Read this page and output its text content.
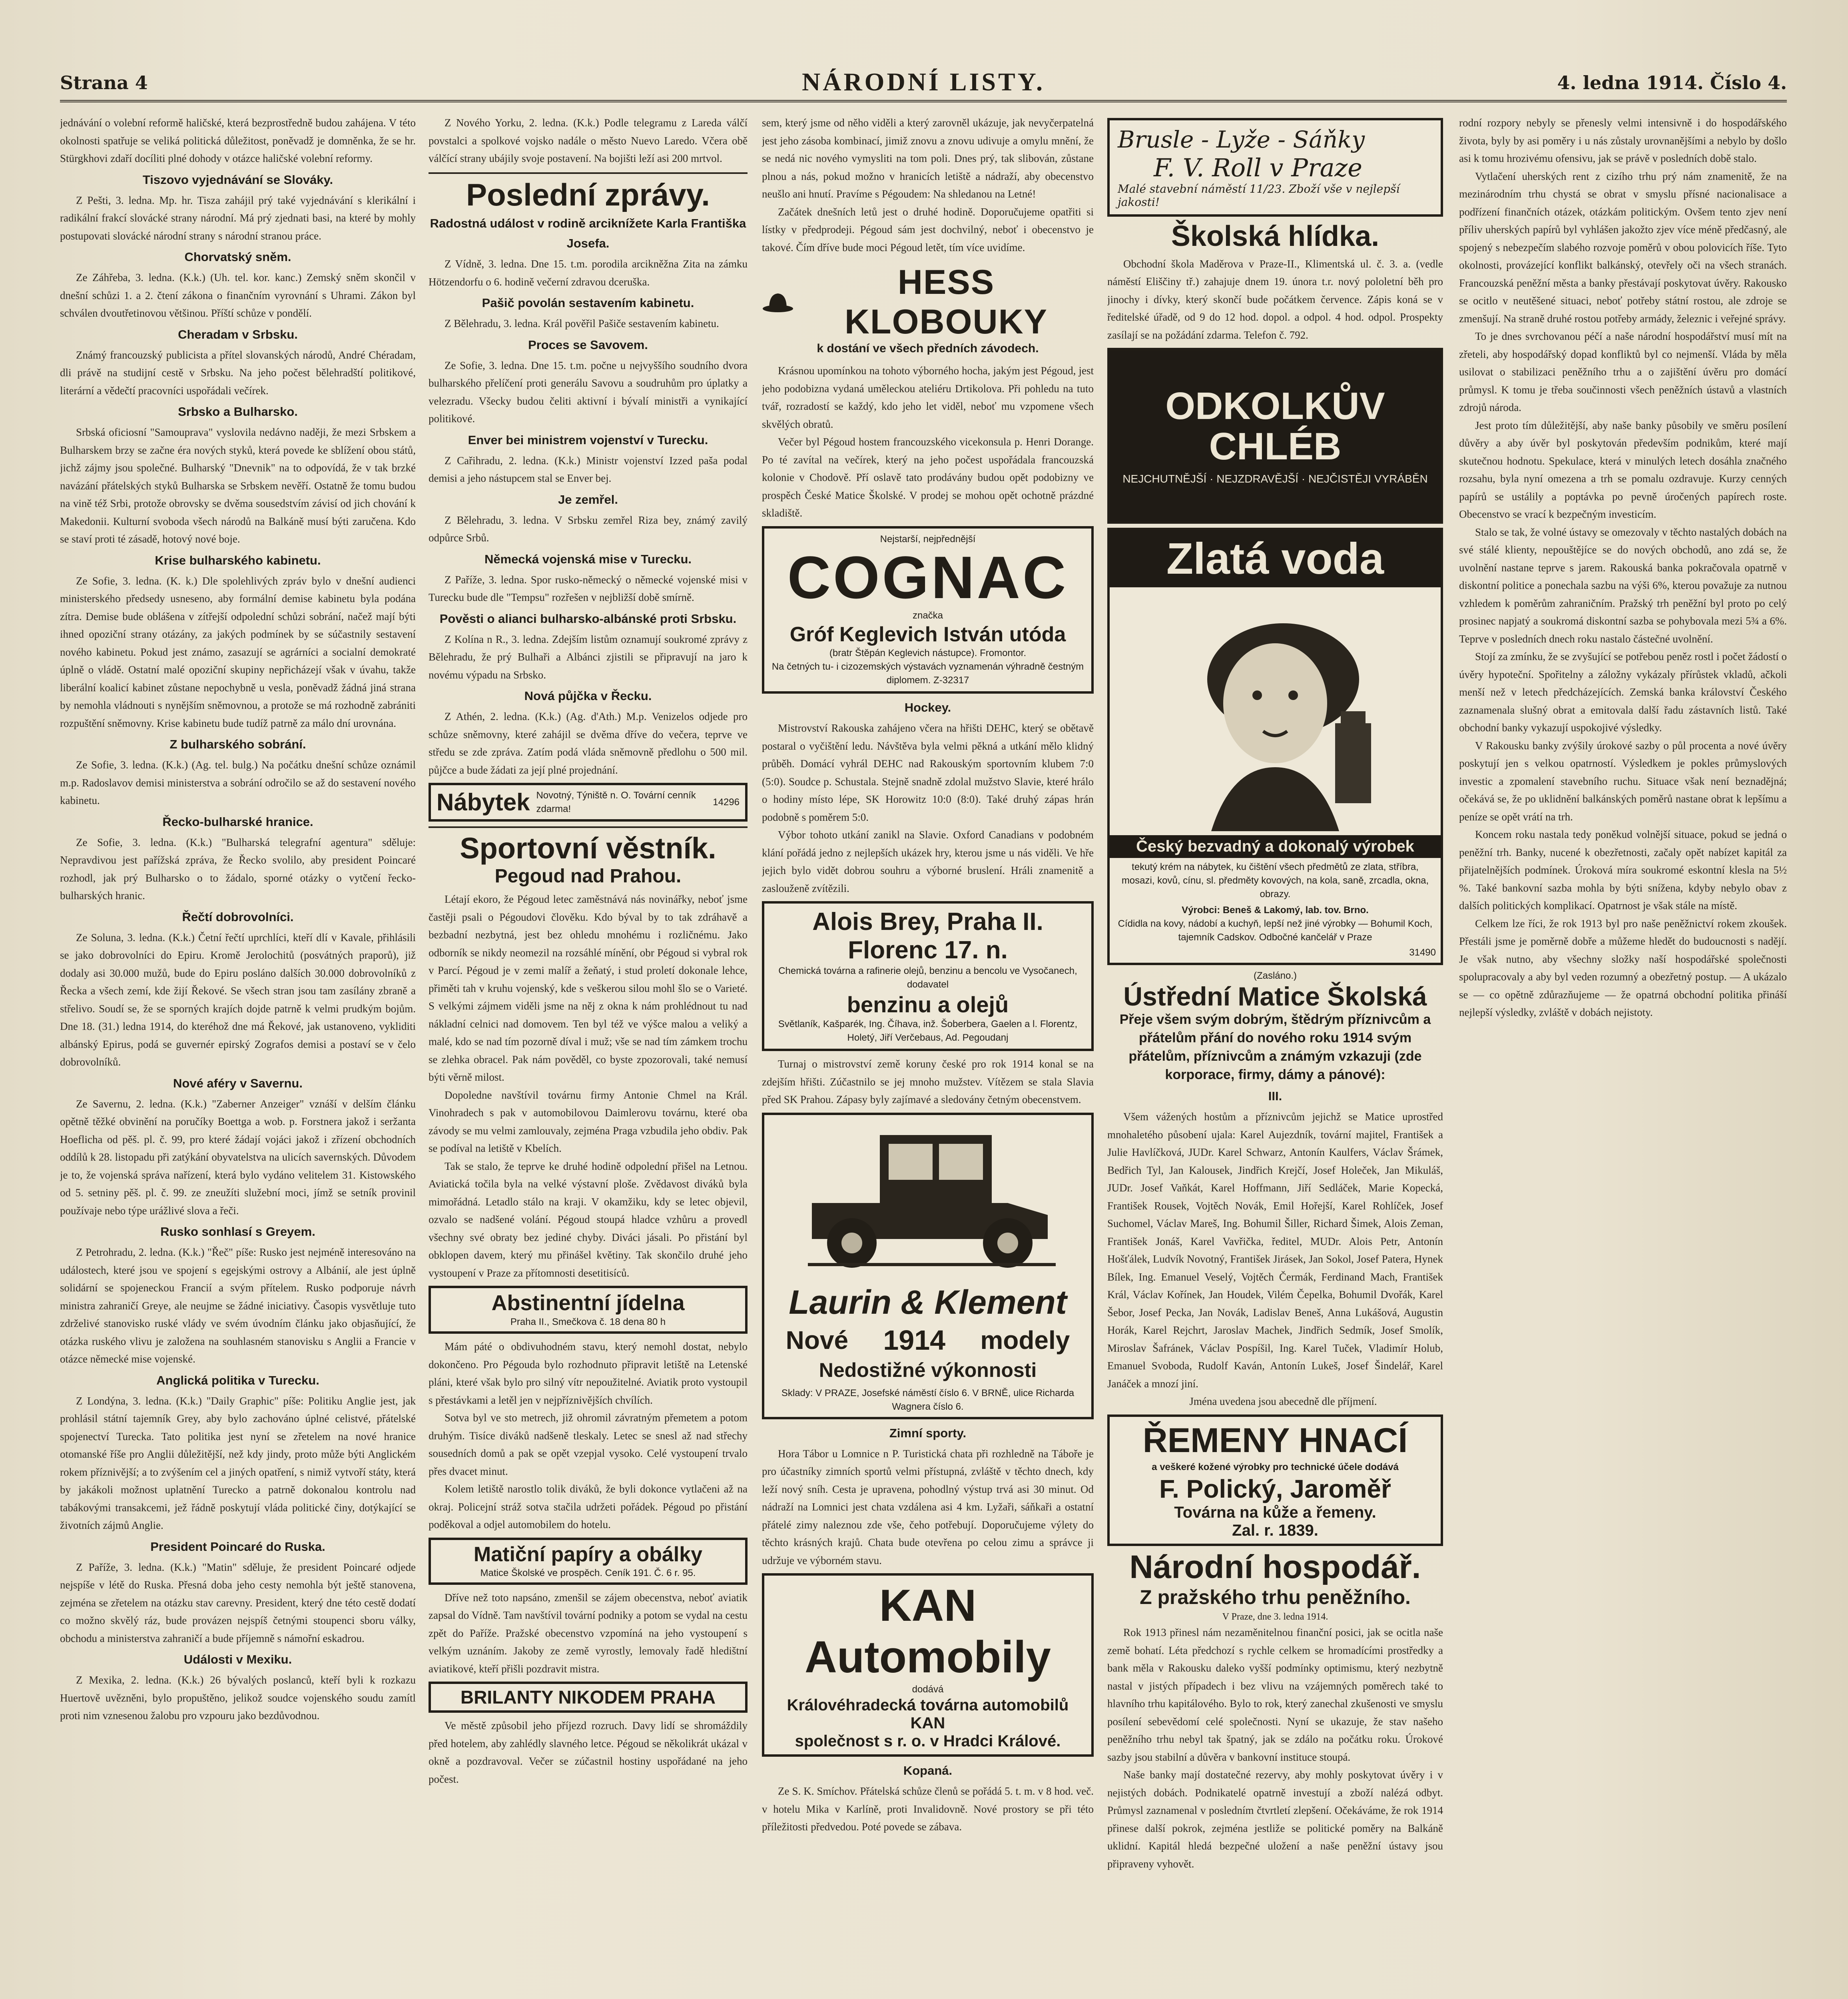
Strana 4	NÁRODNÍ LISTY.	4. ledna 1914. Číslo 4.

jednávání o volební reformě haličské, která bezprostředně budou zahájena. V této okolnosti spatřuje se veliká politická důležitost, poněvadž je domněnka, že se hr. Stürgkhovi zdaří docíliti plné dohody v otázce haličské volební reformy.

Tiszovo vyjednávání se Slováky.

Z Pešti, 3. ledna. Mp. hr. Tisza zahájil prý také vyjednávání s klerikální i radikální frakcí slovácké strany národní. Má prý zjednati basi, na které by mohly postupovati slovácké národní strany s národní stranou práce.

Chorvatský sněm.

Ze Záhřeba, 3. ledna. (K.k.) (Uh. tel. kor. kanc.) Zemský sněm skončil v dnešní schůzi 1. a 2. čtení zákona o finančním vyrovnání s Uhrami. Zákon byl schválen dvoutřetinovou většinou. Příští schůze v pondělí.

Cheradam v Srbsku.

Známý francouzský publicista a přítel slovanských národů, André Chéradam, dli právě na studijní cestě v Srbsku. Na jeho počest bělehradští politikové, literární a vědečtí pracovníci uspořádali večírek.

Srbsko a Bulharsko.

Srbská oficiosní "Samouprava" vyslovila nedávno naději, že mezi Srbskem a Bulharskem brzy se začne éra nových styků, která povede ke sblížení obou států, jichž zájmy jsou společné. Bulharský "Dnevnik" na to odpovídá, že v tak brzké navázání přátelských styků Bulharska se Srbskem nevěří. Ostatně že tomu budou na vině též Srbi, protože obrovsky se dvěma sousedstvím závisí od jich chování k Makedonii. Kulturní svoboda všech národů na Balkáně musí býti zaručena. Kdo se staví proti té zásadě, hotový nové boje.

Krise bulharského kabinetu.

Ze Sofie, 3. ledna. (K. k.) Dle spolehlivých zpráv bylo v dnešní audienci ministerského předsedy usneseno, aby formální demise kabinetu byla podána zítra. Demise bude oblášena v zítřejší odpolední schůzi sobrání, načež mají býti ihned opoziční strany otázány, za jakých podmínek by se súčastnily sestavení nového kabinetu. Pokud jest známo, zasazují se agrárníci a socialní demokraté úplně o vládě. Ostatní malé opoziční skupiny nepřicházejí však v úvahu, takže liberální koalicí kabinet zůstane nepochybně u vesla, poněvadž žádná jiná strana by nemohla vládnouti s nynějším sněmovnou, a protože se má rozhodně zabrániti rozpuštění sněmovny. Krise kabinetu bude tudíž patrně za málo dní urovnána.

Z bulharského sobrání.

Ze Sofie, 3. ledna. (K.k.) (Ag. tel. bulg.) Na počátku dnešní schůze oznámil m.p. Radoslavov demisi ministerstva a sobrání odročilo se až do sestavení nového kabinetu.

Řecko-bulharské hranice.

Ze Sofie, 3. ledna. (K.k.) "Bulharská telegrafní agentura" sděluje: Nepravdivou jest pařížská zpráva, že Řecko svolilo, aby president Poincaré rozhodl, jak prý Bulharsko o to žádalo, sporné otázky o vytčení řecko-bulharských hranic.

Řečtí dobrovolníci.

Ze Soluna, 3. ledna. (K.k.) Četní řečtí uprchlíci, kteří dlí v Kavale, přihlásili se jako dobrovolníci do Epiru. Kromě Jerolochitů (posvátných praporů), již dodaly asi 30.000 mužů, bude do Epiru posláno dalších 30.000 dobrovolníků z Řecka a všech zemí, kde žijí Řekové. Se všech stran jsou tam zasílány zbraně a střelivo. Soudí se, že se sporných krajích dojde patrně k velmi prudkým bojům. Dne 18. (31.) ledna 1914, do kteréhož dne má Řekové, jak ustanoveno, vykliditi albánský Epirus, podá se guvernér epirský Zografos demisi a postaví se v čelo dobrovolníků.

Nové aféry v Savernu.

Ze Savernu, 2. ledna. (K.k.) "Zaberner Anzeiger" vznáší v delším článku opětně těžké obvinění na poručíky Boettga a wob. p. Forstnera jakož i seržanta Hoeflicha od pěš. pl. č. 99, pro které žádají vojáci jakož i zřízení obchodních oddílů k 28. listopadu při zatýkání obyvatelstva na ulicích savernských. Důvodem je to, že vojenská správa nařízení, která bylo vydáno velitelem 31. Kistowského od 5. setniny pěš. pl. č. 99. ze zneužíti služební moci, jímž se setník provinil používaje nebo týpe urážlivé slova a řeči.

Rusko sonhlasí s Greyem.

Z Petrohradu, 2. ledna. (K.k.) "Řeč" píše: Rusko jest nejméně interesováno na událostech, které jsou ve spojení s egejskými ostrovy a Albánií, ale jest úplně solidární se spojeneckou Francií a svým přítelem. Rusko podporuje návrh ministra zahraničí Greye, ale neujme se žádné iniciativy. Časopis vysvětluje tuto zdrželivé stanovisko ruské vlády ve svém úvodním článku jako objasňující, že otázka ruského vlivu je založena na souhlasném stanovisku s Anglii a Francie v otázce německé mise vojenské.

Anglická politika v Turecku.

Z Londýna, 3. ledna. (K.k.) "Daily Graphic" píše: Politiku Anglie jest, jak prohlásil státní tajemník Grey, aby bylo zachováno úplné celistvé, přátelské spojenectví Turecka. Tato politika jest nyní se zřetelem na nové hranice otomanské říše pro Anglii důležitější, než kdy jindy, proto může býti Anglickém rokem příznivější; a to zvýšením cel a jiných opatření, s nimiž vytvoří státy, která by jakákoli možnost uplatnění Turecko a patrně dokonalou kontrolu nad tabákovými transakcemi, jež řádně poskytují vláda politické činy, dotýkající se životních zájmů Anglie.

President Poincaré do Ruska.

Z Paříže, 3. ledna. (K.k.) "Matin" sděluje, že president Poincaré odjede nejspíše v létě do Ruska. Přesná doba jeho cesty nemohla být ještě stanovena, zejména se zřetelem na otázku stav carevny. President, který dne této cestě dodatí co možno skvělý ráz, bude provázen nejspíš četnými stoupenci sboru války, obchodu a ministerstva zahraničí a bude příjemně s námořní eskadrou.

Události v Mexiku.

Z Mexika, 2. ledna. (K.k.) 26 bývalých poslanců, kteří byli k rozkazu Huertově uvězněni, bylo propuštěno, jelikož soudce vojenského soudu zamítl proti nim vznesenou žalobu pro vzpouru jako bezdůvodnou.

Z Nového Yorku, 2. ledna. (K.k.) Podle telegramu z Lareda válčí povstalci a spolkové vojsko nadále o město Nuevo Laredo. Včera obě válčící strany ubájily svoje postavení. Na bojišti leží asi 200 mrtvol.

Poslední zprávy.
Radostná událost v rodině arciknížete Karla Františka Josefa.

Z Vídně, 3. ledna. Dne 15. t.m. porodila arcikněžna Zita na zámku Hötzendorfu o 6. hodině večerní zdravou dceruška.

Pašič povolán sestavením kabinetu.

Z Bělehradu, 3. ledna. Král pověřil Pašiče sestavením kabinetu.

Proces se Savovem.

Ze Sofie, 3. ledna. Dne 15. t.m. počne u nejvyššího soudního dvora bulharského přelíčení proti generálu Savovu a soudruhům pro úplatky a velezradu. Všecky budou čeliti aktivní i bývalí ministři a vynikající politikové.

Enver bei ministrem vojenství v Turecku.

Z Cařihradu, 2. ledna. (K.k.) Ministr vojenství Izzed paša podal demisi a jeho nástupcem stal se Enver bej.

Je zemřel.

Z Bělehradu, 3. ledna. V Srbsku zemřel Riza bey, známý zavilý odpůrce Srbů.

Německá vojenská mise v Turecku.

Z Paříže, 3. ledna. Spor rusko-německý o německé vojenské misi v Turecku bude dle "Tempsu" rozřešen v nejbližší době smírně.

Pověsti o alianci bulharsko-albánské proti Srbsku.

Z Kolína n R., 3. ledna. Zdejším listům oznamují soukromé zprávy z Bělehradu, že prý Bulhaři a Albánci zjistili se připravují na jaro k novému výpadu na Srbsko.

Nová půjčka v Řecku.

Z Athén, 2. ledna. (K.k.) (Ag. d'Ath.) M.p. Venizelos odjede pro schůze sněmovny, které zahájil se dvěma dříve do večera, teprve ve středu se zde zpráva. Zatím podá vláda sněmovně předlohu o 500 mil. půjčce a bude žádati za její plné projednání.

Nábytek Novotný, Týniště n. O. Tovární cenník zdarma!
14296
Sportovní věstník.
Pegoud nad Prahou.

Létají ekoro, že Pégoud letec zaměstnává nás novinářky, neboť jsme častěji psali o Pégoudovi člověku. Kdo býval by to tak zdráhavě a bezbadní nezbytná, jest bez ohledu mnohému i rozličnému. Jako odborník se nikdy neomezil na rozsáhlé mínění, obr Pégoud si vybral rok v Parcí. Pégoud je v zemi malíř a žeňatý, i stud proletí dokonale lehce, přiměti tah v kruhu vojenský, kde s veškerou silou mohl šlo se o Varieté. S velkými zájmem viděli jsme na něj z okna k nám prohlédnout tu nad nákladní celnici nad domovem. Ten byl též ve výšce malou a veliký a malé, kdo se nad tím pozorně díval i muž; vše se nad tím zámkem trochu se zlehka obracel. Pak nám pověděl, co byste zpozorovali, také nemusí býti věrně milost.

Dopoledne navštívil továrnu firmy Antonie Chmel na Král. Vinohradech s pak v automobilovou Daimlerovu továrnu, které oba závody se mu velmi zamlouvaly, zejména Praga vzbudila jeho obdiv. Pak se podíval na letiště v Kbelích.

Tak se stalo, že teprve ke druhé hodině odpolední přišel na Letnou. Aviatická točila byla na velké výstavní ploše. Zvědavost diváků byla mimořádná. Letadlo stálo na kraji. V okamžiku, kdy se letec objevil, ozvalo se nadšené volání. Pégoud stoupá hladce vzhůru a provedl všechny své obraty bez jediné chyby. Diváci jásali. Po přistání byl obklopen davem, který mu přinášel květiny. Tak skončilo druhé jeho vystoupení v Praze za přítomnosti desetitisíců.

Abstinentní jídelna
Praha II., Smečkova č. 18 dena 80 h

Mám páté o obdivuhodném stavu, který nemohl dostat, nebylo dokončeno. Pro Pégouda bylo rozhodnuto připravit letiště na Letenské pláni, které však bylo pro silný vítr nepoužitelné. Aviatik proto vystoupil s přestávkami a letěl jen v nejpříznivějších chvílích.

Sotva byl ve sto metrech, již ohromil závratným přemetem a potom druhým. Tisíce diváků nadšeně tleskaly. Letec se snesl až nad střechy sousedních domů a pak se opět vzepjal vysoko. Celé vystoupení trvalo přes dvacet minut.

Kolem letiště narostlo tolik diváků, že byli dokonce vytlačeni až na okraj. Policejní stráž sotva stačila udržeti pořádek. Pégoud po přistání poděkoval a odjel automobilem do hotelu.

Matiční papíry a obálky
Matice Školské ve prospěch. Ceník 191. Č. 6 r. 95.

Dříve než toto napsáno, zmenšil se zájem obecenstva, neboť aviatik zapsal do Vídně. Tam navštívil tovární podniky a potom se vydal na cestu zpět do Paříže. Pražské obecenstvo vzpomíná na jeho vystoupení s velkým uznáním. Jakoby ze země vyrostly, lemovaly řadě hledištní aviatikové, kteří přišli pozdravit mistra.

BRILANTY NIKODEM PRAHA

Ve městě způsobil jeho příjezd rozruch. Davy lidí se shromáždily před hotelem, aby zahlédly slavného letce. Pégoud se několikrát ukázal v okně a pozdravoval. Večer se zúčastnil hostiny uspořádané na jeho počest.

sem, který jsme od něho viděli a který zarovněl ukázuje, jak nevyčerpatelná jest jeho zásoba kombinací, jimiž znovu a znovu udivuje a omylu mnění, že se nedá nic nového vymysliti na tom poli. Dnes prý, tak slibován, zůstane plnou a nás, pokud možno v hranicích letiště a nádraží, aby obecenstvo neušlo ani hnutí. Pravíme s Pégoudem: Na shledanou na Letné!

Začátek dnešních letů jest o druhé hodině. Doporučujeme opatřiti si lístky v předprodeji. Pégoud sám jest dochvilný, neboť i obecenstvo je takové. Čím dříve bude moci Pégoud letět, tím více uvidíme.

HESS KLOBOUKY
k dostání ve všech předních závodech.

Krásnou upomínkou na tohoto výborného hocha, jakým jest Pégoud, jest jeho podobizna vydaná uměleckou ateliéru Drtikolova. Při pohledu na tuto tvář, rozradostí se každý, kdo jeho let viděl, neboť mu vzpomene všech skvělých obratů.

Večer byl Pégoud hostem francouzského vicekonsula p. Henri Dorange. Po té zavítal na večírek, který na jeho počest uspořádala francouzská kolonie v Chodově. Pří oslavě tato prodávány budou opět podobizny ve prospěch České Matice Školské. V prodej se mohou opět ochotně prázdné skladiště.

Nejstarší, nejpřednější
COGNAC
značka
Gróf Keglevich István utóda
(bratr Štěpán Keglevich nástupce). Fromontor.
Na četných tu- i cizozemských výstavách vyznamenán výhradně čestným diplomem. Z-32317
Hockey.

Mistrovství Rakouska zahájeno včera na hřišti DEHC, který se obětavě postaral o vyčištění ledu. Návštěva byla velmi pěkná a utkání mělo klidný průběh. Domácí vyhrál DEHC nad Rakouským sportovním klubem 7:0 (5:0). Soudce p. Schustala. Stejně snadně zdolal mužstvo Slavie, které hrálo o hodiny místo lépe, SK Horowitz 10:0 (8:0). Také druhý zápas hrán podobně s poměrem 5:0.

Výbor tohoto utkání zanikl na Slavie. Oxford Canadians v podobném klání pořádá jedno z nejlepších ukázek hry, kterou jsme u nás viděli. Ve hře jejich bylo vidět dobrou souhru a výborné bruslení. Hráli znamenitě a zaslouženě zvítězili.

Alois Brey, Praha II. Florenc 17. n.
Chemická továrna a rafinerie olejů, benzinu a bencolu ve Vysočanech, dodavatel
benzinu a olejů
Světlaník, Kašparék, Ing. Číhava, inž. Šoberbera, Gaelen a l. Florentz, Holetý, Jiří Verčebaus, Ad. Pegoudanj

Turnaj o mistrovství země koruny české pro rok 1914 konal se na zdejším hřišti. Zúčastnilo se jej mnoho mužstev. Vítězem se stala Slavia před SK Prahou. Zápasy byly zajímavé a sledovány četným obecenstvem.

Laurin & Klement
Nové 1914 modely
Nedostižné výkonnosti
Sklady: V PRAZE, Josefské náměstí číslo 6. V BRNĚ, ulice Richarda Wagnera číslo 6.
Zimní sporty.

Hora Tábor u Lomnice n P. Turistická chata při rozhledně na Táboře je pro účastníky zimních sportů velmi přístupná, zvláště v těchto dnech, kdy leží nový sníh. Cesta je upravena, pohodlný výstup trvá asi 30 minut. Od nádraží na Lomnici jest chata vzdálena asi 4 km. Lyžaři, sáňkaři a ostatní přátelé zimy naleznou zde vše, čeho potřebují. Doporučujeme výlety do těchto krásných krajů. Chata bude otevřena po celou zimu a správce ji udržuje ve výborném stavu.

KAN Automobily
dodává
Královéhradecká továrna automobilů KAN
společnost s r. o. v Hradci Králové.
Kopaná.

Ze S. K. Smíchov. Přátelská schůze členů se pořádá 5. t. m. v 8 hod. več. v hotelu Mika v Karlíně, proti Invalidovně. Nové prostory se při této příležitosti předvedou. Poté povede se zábava.

Brusle - Lyže - Sáňky
F. V. Roll v Praze
Malé stavební náměstí 11/23. Zboží vše v nejlepší jakosti!
Školská hlídka.

Obchodní škola Maděrova v Praze-II., Klimentská ul. č. 3. a. (vedle náměstí Eliščiny tř.) zahajuje dnem 19. února t.r. nový pololetní běh pro jinochy i dívky, který skončí bude počátkem července. Zápis koná se v ředitelské úřadě, od 9 do 12 hod. dopol. a odpol. 4 hod. odpol. Prospekty zasílají se na požádání zdarma. Telefon č. 792.

ODKOLKŮV CHLÉB
NEJCHUTNĚJŠÍ · NEJZDRAVĚJŠÍ · NEJČISTĚJI VYRÁBĚN
Zlatá voda
Český bezvadný a dokonalý výrobek
tekutý krém na nábytek, ku čištění všech předmětů ze zlata, stříbra, mosazi, kovů, cínu, sl. předměty kovových, na kola, saně, zrcadla, okna, obrazy.
Výrobci: Beneš & Lakomý, lab. tov. Brno.
Cídidla na kovy, nádobí a kuchyň, lepší než jiné výrobky — Bohumil Koch, tajemník Cadskov. Odbočné kančelář v Praze
31490
(Zasláno.)
Ústřední Matice Školská
Přeje všem svým dobrým, štědrým příznivcům a přátelům přání do nového roku 1914 svým přátelům, příznivcům a známým vzkazuji (zde korporace, firmy, dámy a pánové):
III.

Všem vážených hostům a příznivcům jejichž se Matice uprostřed mnohaletého působení ujala: Karel Aujezdník, tovární majitel, František a Julie Havlíčková, JUDr. Karel Schwarz, Antonín Kaulfers, Václav Šrámek, Bedřich Tyl, Jan Kalousek, Jindřich Krejčí, Josef Holeček, Jan Mikuláš, JUDr. Josef Vaňkát, Karel Hoffmann, Jiří Sedláček, Marie Kopecká, František Rousek, Vojtěch Novák, Emil Hořejší, Karel Rohlíček, Josef Suchomel, Václav Mareš, Ing. Bohumil Šiller, Richard Šimek, Alois Zeman, František Jonáš, Karel Vavřička, ředitel, MUDr. Alois Petr, Antonín Hošťálek, Ludvík Novotný, František Jirásek, Jan Sokol, Josef Patera, Hynek Bílek, Ing. Emanuel Veselý, Vojtěch Čermák, Ferdinand Mach, František Král, Václav Kořínek, Jan Houdek, Vilém Čepelka, Bohumil Dvořák, Karel Šebor, Josef Pecka, Jan Novák, Ladislav Beneš, Anna Lukášová, Augustin Horák, Karel Rejchrt, Jaroslav Machek, Jindřich Sedmík, Josef Smolík, Miroslav Šafránek, Václav Pospíšil, Ing. Karel Tuček, Vladimír Holub, Emanuel Svoboda, Rudolf Kaván, Antonín Lukeš, Josef Šindelář, Karel Janáček a mnozí jiní.

Jména uvedena jsou abecedně dle příjmení.

ŘEMENY HNACÍ
a veškeré kožené výrobky pro technické účele dodává
F. Polický, Jaroměř
Továrna na kůže a řemeny.
Zal. r. 1839.
Národní hospodář.
Z pražského trhu peněžního.
V Praze, dne 3. ledna 1914.

Rok 1913 přinesl nám nezaměnitelnou finanční posici, jak se ocitla naše země bohatí. Léta předchozí s rychle celkem se hromadícími prostředky a bank měla v Rakousku daleko vyšší podmínky optimismu, který nezbytně nastal v jistých případech i bez vlivu na vzájemných poměrech také to hlavního trhu kapitálového. Bylo to rok, který zanechal zkušenosti ve smyslu posílení sebevědomí celé společnosti. Nyní se ukazuje, že stav našeho peněžního trhu nebyl tak špatný, jak se zdálo na počátku roku. Úrokové sazby jsou stabilní a důvěra v bankovní instituce stoupá.

Naše banky mají dostatečné rezervy, aby mohly poskytovat úvěry i v nejistých dobách. Podnikatelé opatrně investují a zboží nalézá odbyt. Průmysl zaznamenal v posledním čtvrtletí zlepšení. Očekáváme, že rok 1914 přinese další pokrok, zejména jestliže se politické poměry na Balkáně uklidní. Kapitál hledá bezpečné uložení a naše peněžní ústavy jsou připraveny vyhovět.

rodní rozpory nebyly se přenesly velmi intensivně i do hospodářského života, byly by asi poměry i u nás zůstaly urovnanějšími a nebylo by došlo asi k tomu hrozivému ofensivu, jak se právě v posledních době stalo.

Vytlačení uherských rent z cizího trhu prý nám znamenitě, že na mezinárodním trhu chystá se obrat v smyslu přísné nacionalisace a podřízení finančních otázek, otázkám politickým. Ovšem tento zjev není příliv uherských papírů byl vyhlášen jakožto zjev více méně předčasný, ale spojený s nebezpečím slabého rozvoje poměrů v obou polovicích říše. Tyto okolnosti, provázející konflikt balkánský, otevřely oči na všech stranách. Francouzská peněžní města a banky přestávají poskytovat úvěry. Rakousko se ocitlo v neutěšené situaci, neboť potřeby státní rostou, ale zdroje se zmenšují. Na straně druhé rostou potřeby armády, železnic i veřejné správy.

To je dnes svrchovanou péčí a naše národní hospodářství musí mít na zřeteli, aby hospodářský dopad konfliktů byl co nejmenší. Vláda by měla usilovat o stabilizaci peněžního trhu a o zajištění úvěru pro domácí průmysl. K tomu je třeba součinnosti všech peněžních ústavů a vlastních zdrojů národa.

Jest proto tím důležitější, aby naše banky působily ve směru posílení důvěry a aby úvěr byl poskytován především podnikům, které mají skutečnou hodnotu. Spekulace, která v minulých letech dosáhla značného rozsahu, byla nyní omezena a trh se pomalu ozdravuje. Kurzy cenných papírů se ustálily a poptávka po pevně úročených papírech roste. Obecenstvo se vrací k bezpečným investicím.

Stalo se tak, že volné ústavy se omezovaly v těchto nastalých dobách na své stálé klienty, nepouštějíce se do nových obchodů, ano zdá se, že uvolnění nastane teprve s jarem. Rakouská banka pokračovala opatrně v diskontní politice a ponechala sazbu na výši 6%, kterou považuje za nutnou vzhledem k poměrům zahraničním. Pražský trh peněžní byl proto po celý prosinec napjatý a soukromá diskontní sazba se pohybovala mezi 5¾ a 6%. Teprve v posledních dnech roku nastalo částečné uvolnění.

Stojí za zmínku, že se zvyšující se potřebou peněz rostl i počet žádostí o úvěry hypoteční. Spořitelny a záložny vykázaly přírůstek vkladů, ačkoli menší než v letech předcházejících. Zemská banka království Českého zaznamenala slušný obrat a emitovala další řadu zástavních listů. Také obchodní banky vykazují uspokojivé výsledky.

V Rakousku banky zvýšily úrokové sazby o půl procenta a nové úvěry poskytují jen s velkou opatrností. Výsledkem je pokles průmyslových investic a zpomalení stavebního ruchu. Situace však není beznadějná; očekává se, že po uklidnění balkánských poměrů nastane obrat k lepšímu a peníze se opět vrátí na trh.

Koncem roku nastala tedy poněkud volnější situace, pokud se jedná o peněžní trh. Banky, nucené k obezřetnosti, začaly opět nabízet kapitál za přijatelnějších podmínek. Úroková míra soukromé eskontní klesla na 5½ %. Také bankovní sazba mohla by býti snížena, kdyby nebylo obav z dalších politických komplikací. Opatrnost je však stále na místě.

Celkem lze říci, že rok 1913 byl pro naše peněžnictví rokem zkoušek. Přestáli jsme je poměrně dobře a můžeme hledět do budoucnosti s nadějí. Je však nutno, aby všechny složky naší hospodářské společnosti spolupracovaly a aby byl veden rozumný a obezřetný postup. — A ukázalo se — co opětně zdůrazňujeme — že opatrná obchodní politika přináší nejlepší výsledky, zvláště v dobách nejistoty.
